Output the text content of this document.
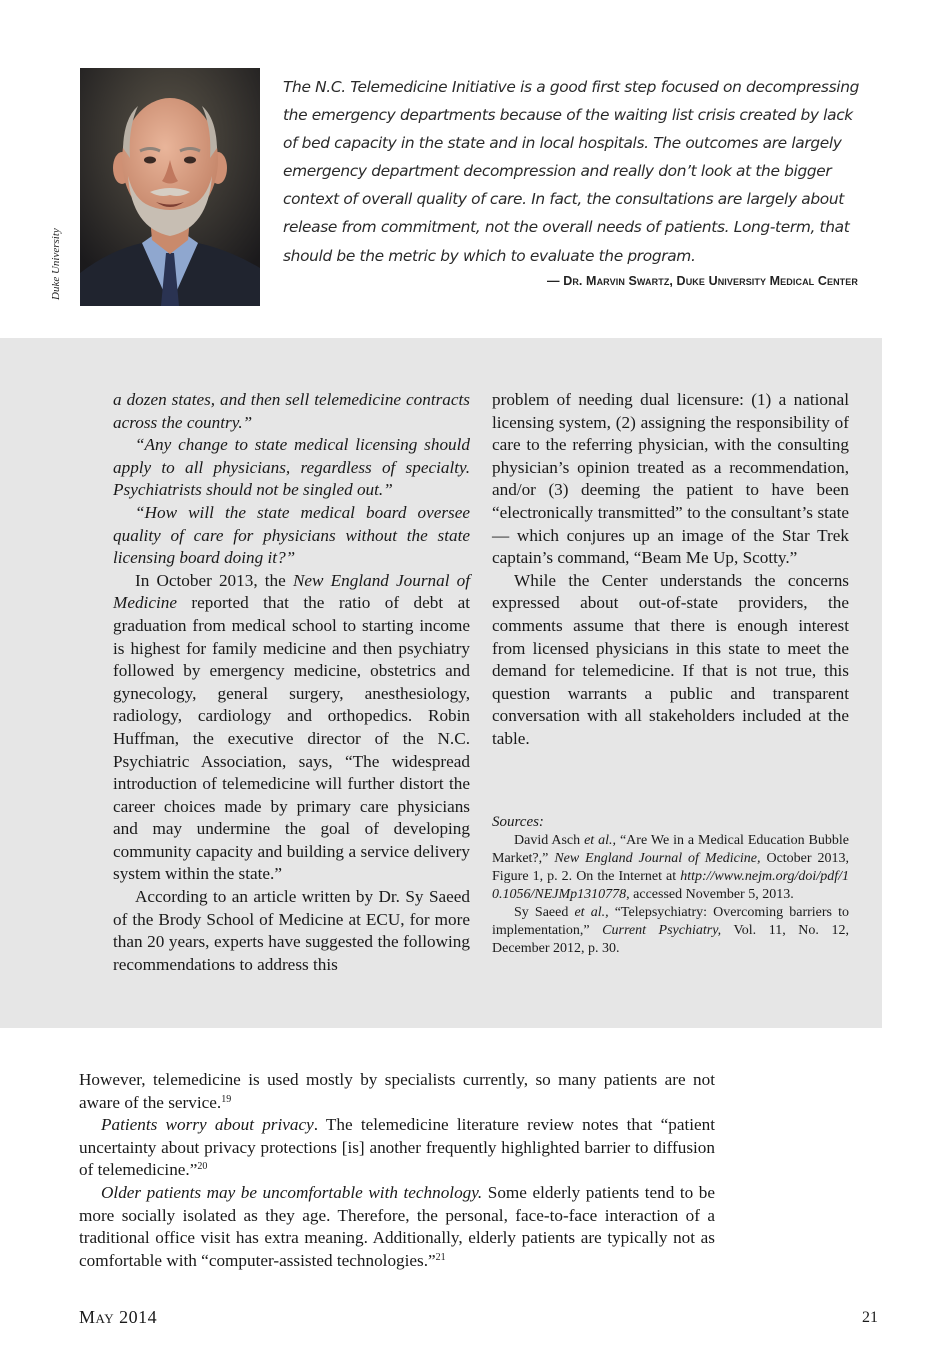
Duke University

The N.C. Telemedicine Initiative is a good first step focused on decompressing the emergency departments because of the waiting list crisis created by lack of bed capacity in the state and in local hospitals. The outcomes are largely emergency department decompression and really don’t look at the bigger context of overall quality of care. In fact, the consultations are largely about release from commitment, not the overall needs of patients. Long-term, that should be the metric by which to evaluate the program.

— Dr. Marvin Swartz, Duke University Medical Center

a dozen states, and then sell telemedicine contracts across the country.”

“Any change to state medical licensing should apply to all physicians, regardless of specialty. Psychiatrists should not be singled out.”

“How will the state medical board oversee quality of care for physicians without the state licensing board doing it?”

In October 2013, the New England Journal of Medicine reported that the ratio of debt at graduation from medical school to starting income is highest for family medicine and then psychiatry followed by emergency medicine, obstetrics and gynecology, general surgery, anesthesiology, radiology, cardiology and orthopedics. Robin Huffman, the executive director of the N.C. Psychiatric Association, says, “The widespread introduction of telemedicine will further distort the career choices made by primary care physicians and may undermine the goal of developing community capacity and building a service delivery system within the state.”

According to an article written by Dr. Sy Saeed of the Brody School of Medicine at ECU, for more than 20 years, experts have suggested the following recommendations to address this

problem of needing dual licensure: (1) a national licensing system, (2) assigning the responsibility of care to the referring physician, with the consulting physician’s opinion treated as a recommendation, and/or (3) deeming the patient to have been “electronically transmitted” to the consultant’s state — which conjures up an image of the Star Trek captain’s command, “Beam Me Up, Scotty.”

While the Center understands the concerns expressed about out-of-state providers, the comments assume that there is enough interest from licensed physicians in this state to meet the demand for telemedicine. If that is not true, this question warrants a public and transparent conversation with all stakeholders included at the table.

Sources:

David Asch et al., “Are We in a Medical Education Bubble Market?,” New England Journal of Medicine, October 2013, Figure 1, p. 2. On the Internet at http://www.nejm.org/doi/pdf/10.1056/NEJMp1310778, accessed November 5, 2013.

Sy Saeed et al., “Telepsychiatry: Overcoming barriers to implementation,” Current Psychiatry, Vol. 11, No. 12, December 2012, p. 30.

However, telemedicine is used mostly by specialists currently, so many patients are not aware of the service.$^{19}$

Patients worry about privacy. The telemedicine literature review notes that “patient uncertainty about privacy protections [is] another frequently highlighted barrier to diffusion of telemedicine.”$^{20}$

Older patients may be uncomfortable with technology. Some elderly patients tend to be more socially isolated as they age. Therefore, the personal, face-to-face interaction of a traditional office visit has extra meaning. Additionally, elderly patients are typically not as comfortable with “computer-assisted technologies.”$^{21}$

May 2014	21
